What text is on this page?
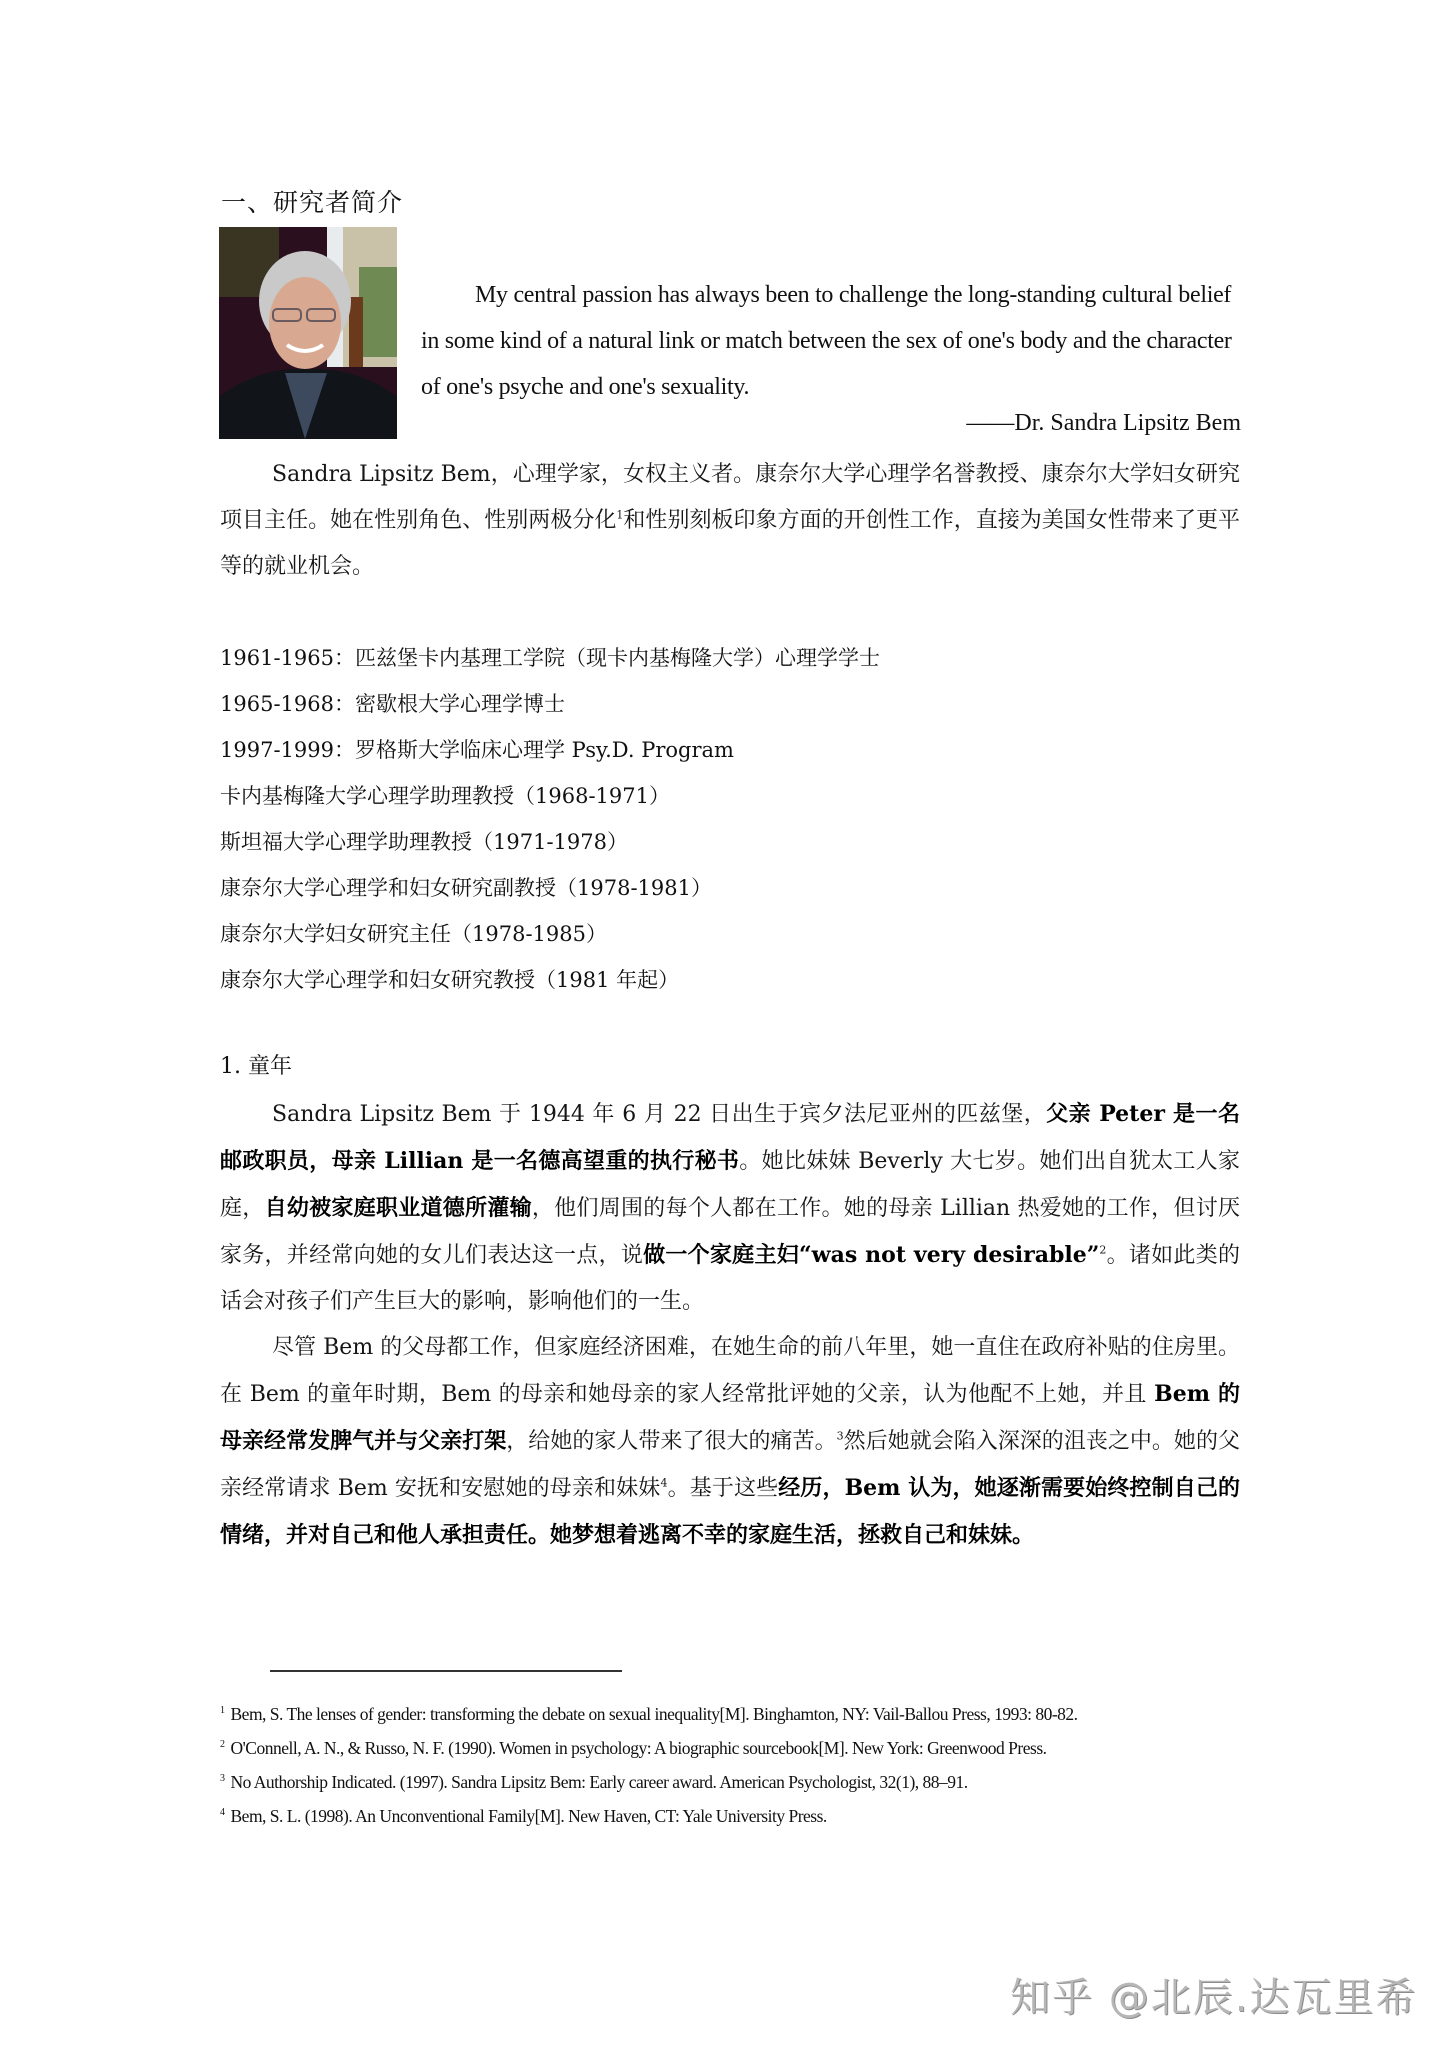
一、研究者简介
My central passion has always been to challenge the long-standing cultural belief in some kind of a natural link or match between the sex of one's body and the character of one's psyche and one's sexuality.
——Dr. Sandra Lipsitz Bem
Sandra Lipsitz Bem，心理学家，女权主义者。康奈尔大学心理学名誉教授、康奈尔大学妇女研究项目主任。她在性别角色、性别两极分化$^1$和性别刻板印象方面的开创性工作，直接为美国女性带来了更平等的就业机会。
1961-1965：匹兹堡卡内基理工学院（现卡内基梅隆大学）心理学学士
1965-1968：密歇根大学心理学博士
1997-1999：罗格斯大学临床心理学 Psy.D. Program
卡内基梅隆大学心理学助理教授（1968-1971）
斯坦福大学心理学助理教授（1971-1978）
康奈尔大学心理学和妇女研究副教授（1978-1981）
康奈尔大学妇女研究主任（1978-1985）
康奈尔大学心理学和妇女研究教授（1981 年起）
1. 童年

Sandra Lipsitz Bem 于 1944 年 6 月 22 日出生于宾夕法尼亚州的匹兹堡，父亲 Peter 是一名邮政职员，母亲 Lillian 是一名德高望重的执行秘书。她比妹妹 Beverly 大七岁。她们出自犹太工人家庭，自幼被家庭职业道德所灌输，他们周围的每个人都在工作。她的母亲 Lillian 热爱她的工作，但讨厌家务，并经常向她的女儿们表达这一点，说做一个家庭主妇“was not very desirable”$^2$。诸如此类的话会对孩子们产生巨大的影响，影响他们的一生。

尽管 Bem 的父母都工作，但家庭经济困难，在她生命的前八年里，她一直住在政府补贴的住房里。在 Bem 的童年时期，Bem 的母亲和她母亲的家人经常批评她的父亲，认为他配不上她，并且 Bem 的母亲经常发脾气并与父亲打架，给她的家人带来了很大的痛苦。$^3$然后她就会陷入深深的沮丧之中。她的父亲经常请求 Bem 安抚和安慰她的母亲和妹妹$^4$。基于这些经历，Bem 认为，她逐渐需要始终控制自己的情绪，并对自己和他人承担责任。她梦想着逃离不幸的家庭生活，拯救自己和妹妹。

$^1$ Bem, S. The lenses of gender: transforming the debate on sexual inequality[M]. Binghamton, NY: Vail-Ballou Press, 1993: 80-82.

$^2$ O'Connell, A. N., & Russo, N. F. (1990). Women in psychology: A biographic sourcebook[M]. New York: Greenwood Press.

$^3$ No Authorship Indicated. (1997). Sandra Lipsitz Bem: Early career award. American Psychologist, 32(1), 88–91.

$^4$ Bem, S. L. (1998). An Unconventional Family[M]. New Haven, CT: Yale University Press.

知乎 @北辰.达瓦里希
